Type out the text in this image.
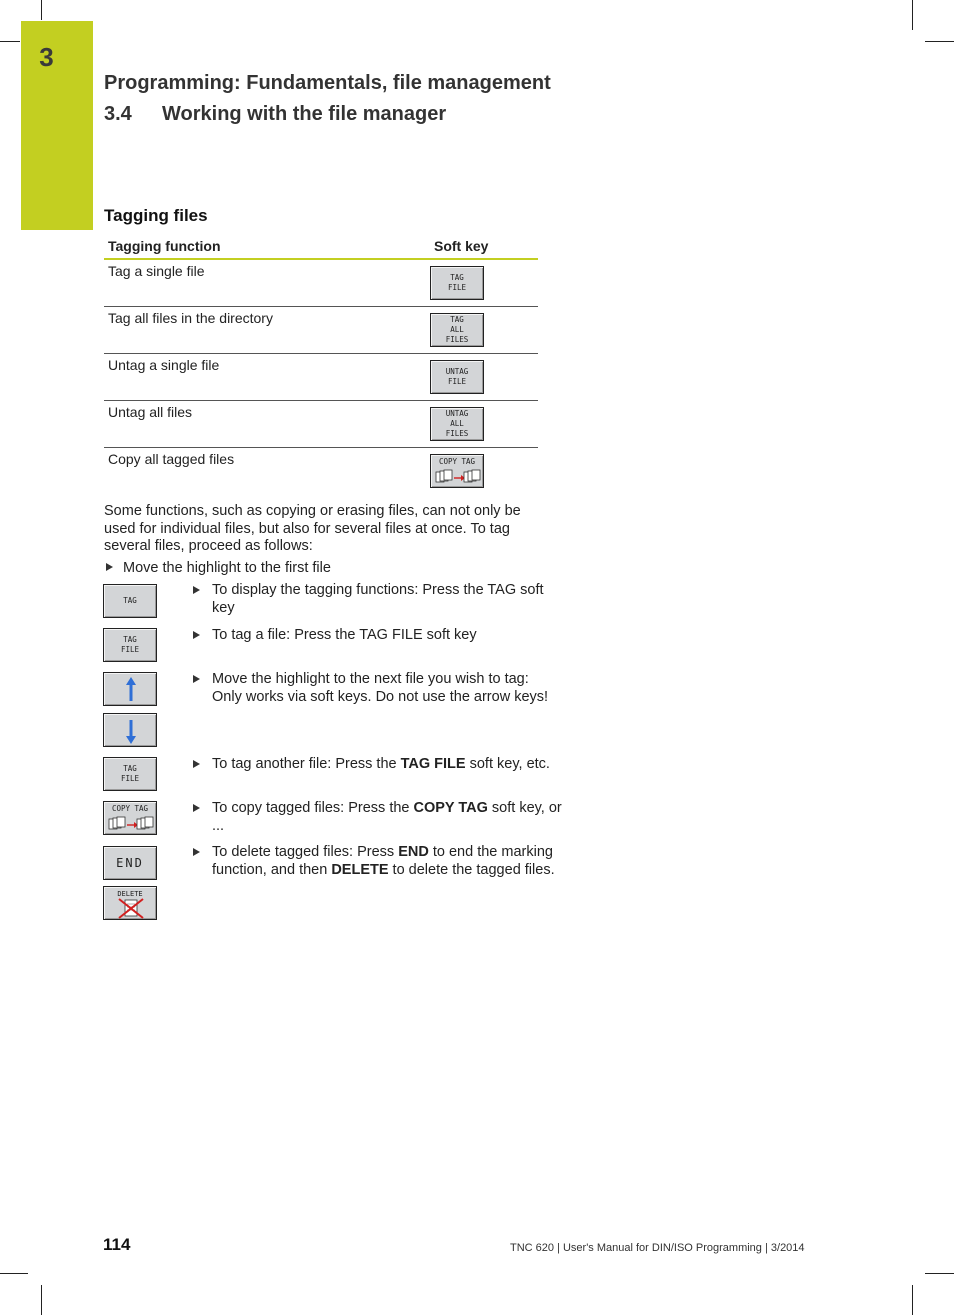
3
Programming: Fundamentals, file management
3.4 Working with the file manager
Tagging files
Tagging function	Soft key
Tag a single file	TAG
FILE

Tag all files in the directory	TAG
ALL
FILES

Untag a single file	UNTAG
FILE

Untag all files	UNTAG
ALL
FILES

Copy all tagged files	COPY TAG
Some functions, such as copying or erasing files, can not only be used for individual files, but also for several files at once. To tag several files, proceed as follows:
Move the highlight to the first file
TAG
TAG
FILE
TAG
FILE
COPY TAG
END
DELETE
To display the tagging functions: Press the TAG soft key
To tag a file: Press the TAG FILE soft key
Move the highlight to the next file you wish to tag: Only works via soft keys. Do not use the arrow keys!
To tag another file: Press the TAG FILE soft key, etc.
To copy tagged files: Press the COPY TAG soft key, or ...
To delete tagged files: Press END to end the marking function, and then DELETE to delete the tagged files.
114	TNC 620 | User's Manual for DIN/ISO Programming | 3/2014
